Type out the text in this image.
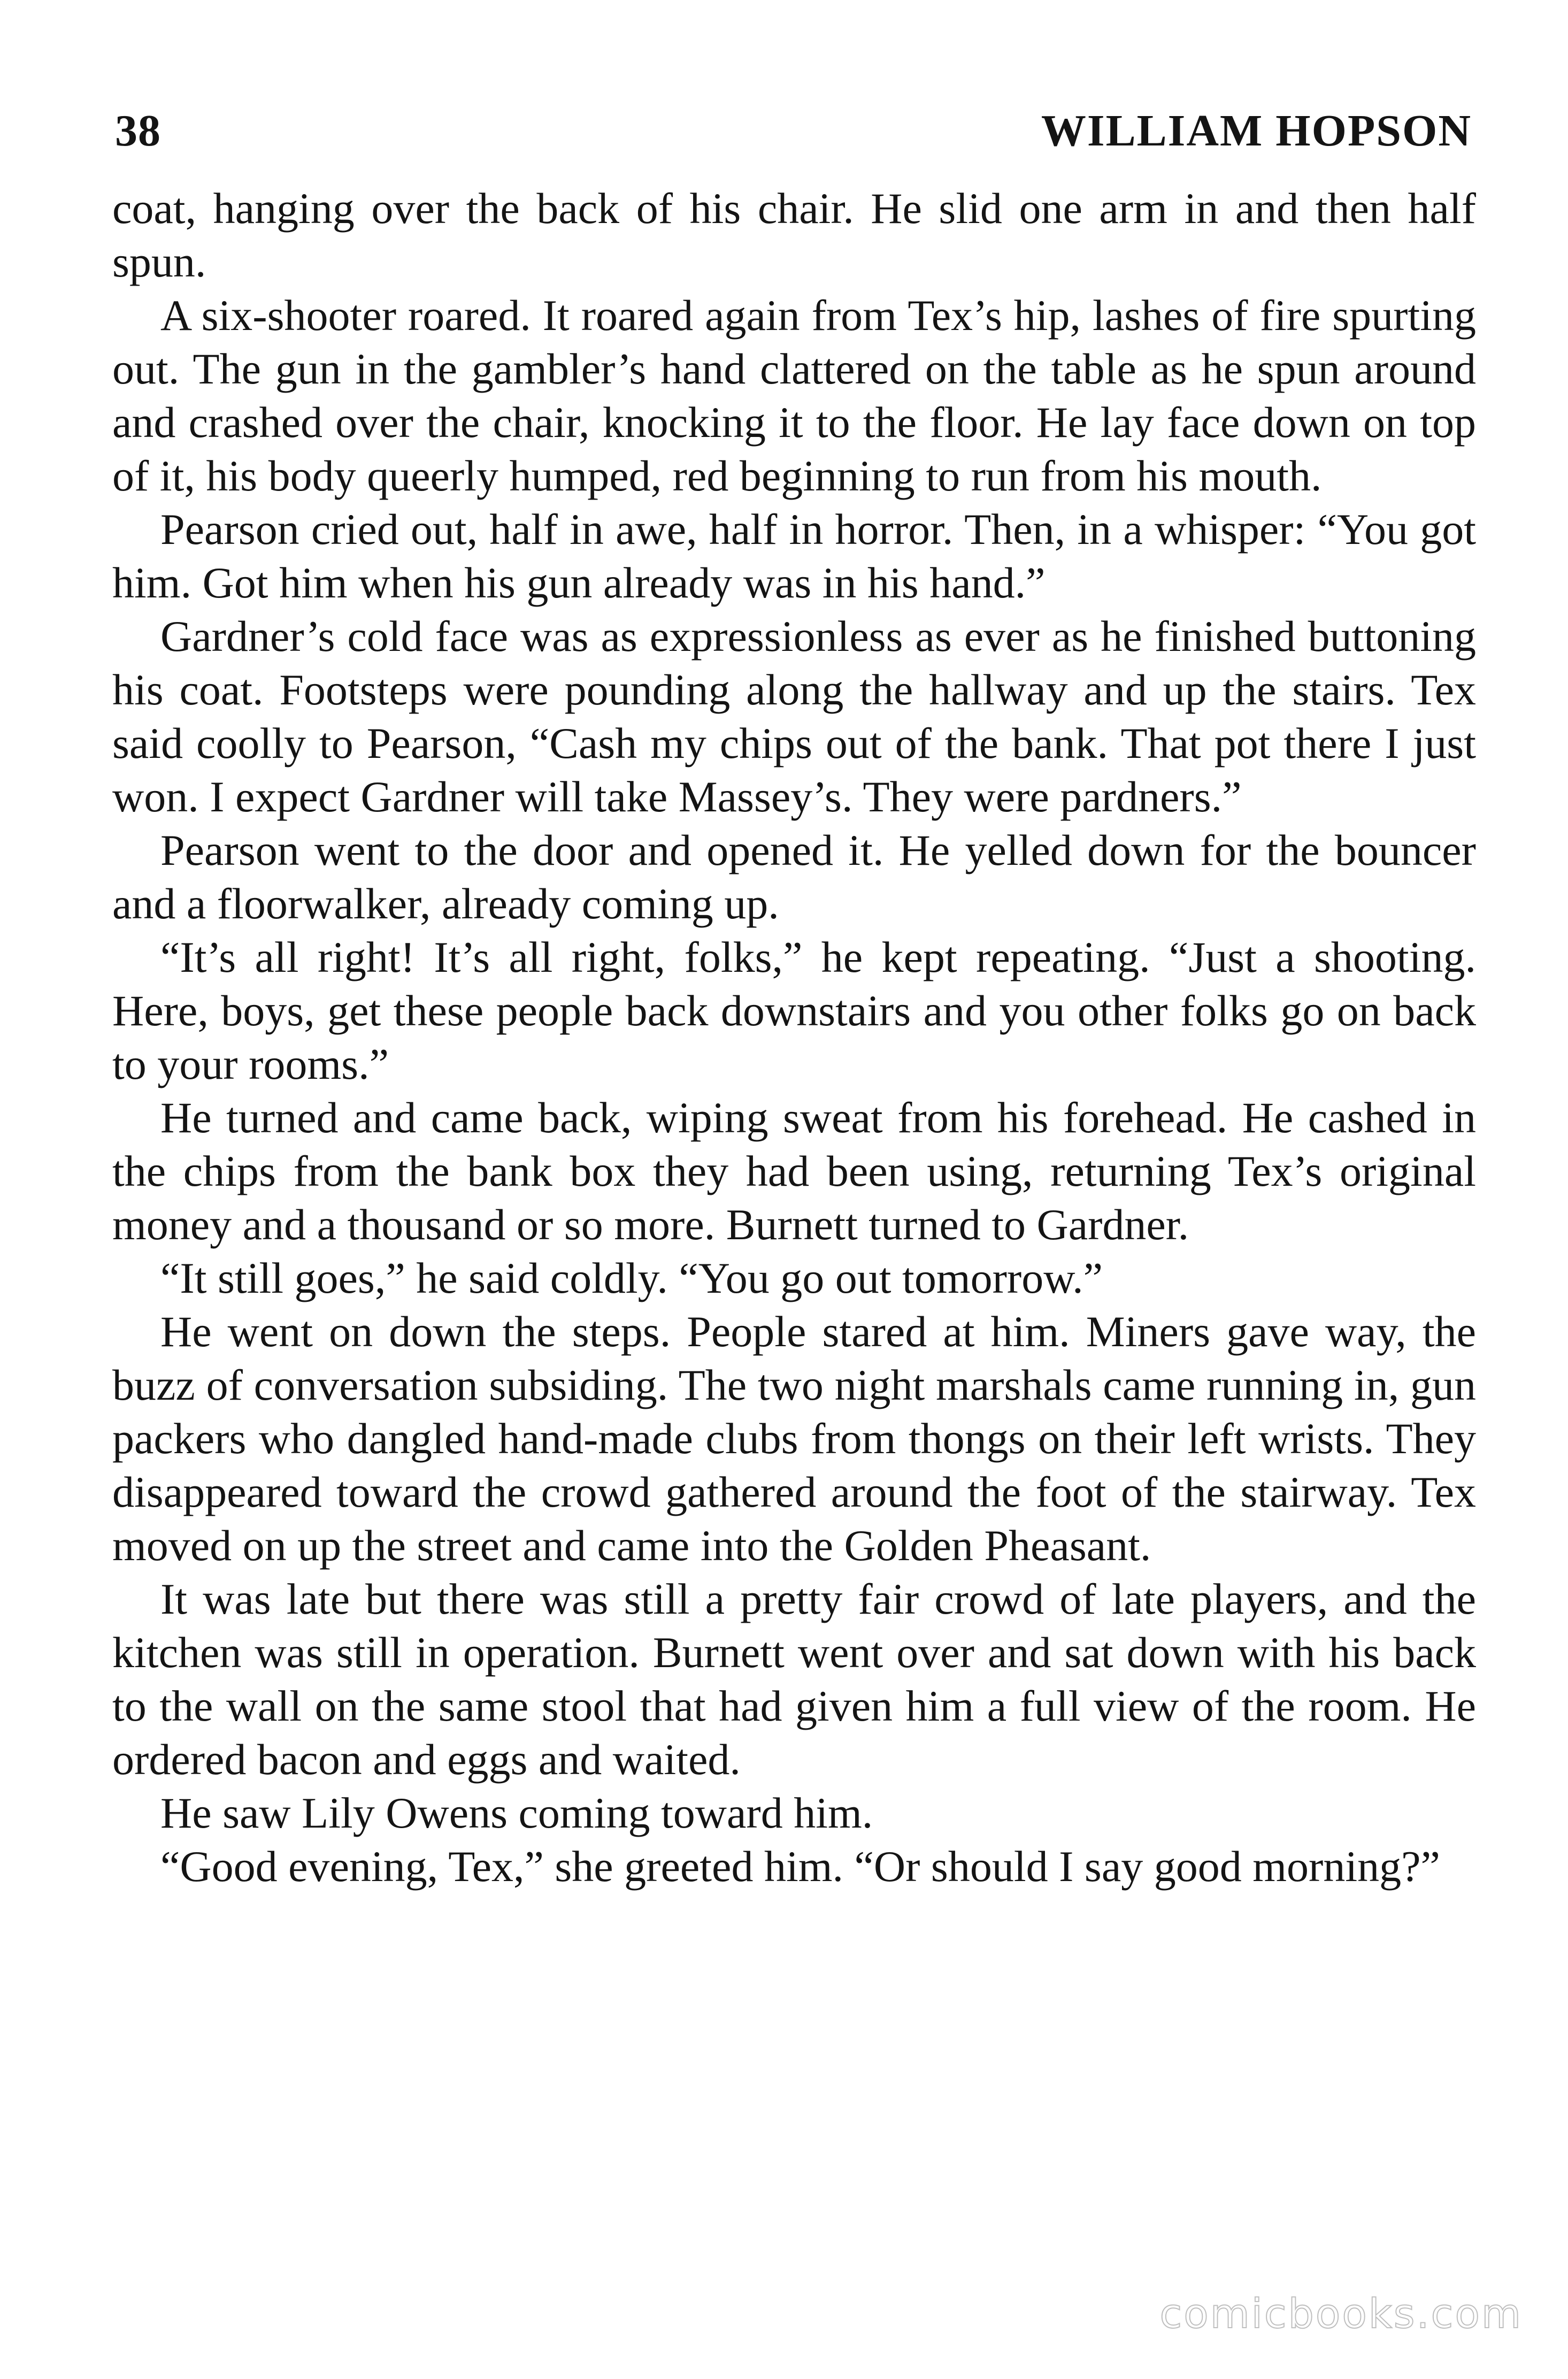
38	WILLIAM HOPSON

coat, hanging over the back of his chair. He slid one arm in and then half spun.

A six-shooter roared. It roared again from Tex’s hip, lashes of fire spurting out. The gun in the gambler’s hand clattered on the table as he spun around and crashed over the chair, knocking it to the floor. He lay face down on top of it, his body queerly humped, red beginning to run from his mouth.

Pearson cried out, half in awe, half in horror. Then, in a whisper: “You got him. Got him when his gun already was in his hand.”

Gardner’s cold face was as expressionless as ever as he finished buttoning his coat. Footsteps were pounding along the hallway and up the stairs. Tex said coolly to Pearson, “Cash my chips out of the bank. That pot there I just won. I expect Gardner will take Massey’s. They were pardners.”

Pearson went to the door and opened it. He yelled down for the bouncer and a floorwalker, already coming up.

“It’s all right! It’s all right, folks,” he kept repeating. “Just a shooting. Here, boys, get these people back downstairs and you other folks go on back to your rooms.”

He turned and came back, wiping sweat from his forehead. He cashed in the chips from the bank box they had been using, returning Tex’s original money and a thousand or so more. Burnett turned to Gardner.

“It still goes,” he said coldly. “You go out tomorrow.”

He went on down the steps. People stared at him. Miners gave way, the buzz of conversation subsiding. The two night marshals came running in, gun packers who dangled hand-made clubs from thongs on their left wrists. They disappeared toward the crowd gathered around the foot of the stairway. Tex moved on up the street and came into the Golden Pheasant.

It was late but there was still a pretty fair crowd of late players, and the kitchen was still in operation. Burnett went over and sat down with his back to the wall on the same stool that had given him a full view of the room. He ordered bacon and eggs and waited.

He saw Lily Owens coming toward him.

“Good evening, Tex,” she greeted him. “Or should I say good morning?”

comicbooks.com
